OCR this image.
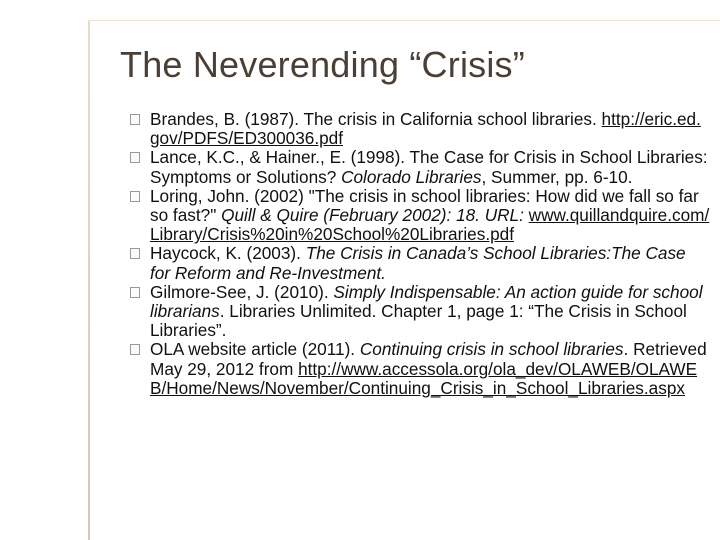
The Neverending “Crisis”
Brandes, B. (1987). The crisis in California school libraries. http://eric.ed.gov/PDFS/ED300036.pdf
Lance, K.C., & Hainer., E. (1998). The Case for Crisis in School Libraries: Symptoms or Solutions? Colorado Libraries, Summer, pp. 6-10.
Loring, John. (2002) "The crisis in school libraries: How did we fall so far so fast?" Quill & Quire (February 2002): 18. URL: www.quillandquire.com/Library/Crisis%20in%20School%20Libraries.pdf
Haycock, K. (2003). The Crisis in Canada’s School Libraries:The Case for Reform and Re-Investment.
Gilmore-See, J. (2010). Simply Indispensable: An action guide for school librarians. Libraries Unlimited. Chapter 1, page 1: “The Crisis in School Libraries”.
OLA website article (2011). Continuing crisis in school libraries. Retrieved May 29, 2012 from http://www.accessola.org/ola_dev/OLAWEB/OLAWEB/Home/News/November/Continuing_Crisis_in_School_Libraries.aspx
